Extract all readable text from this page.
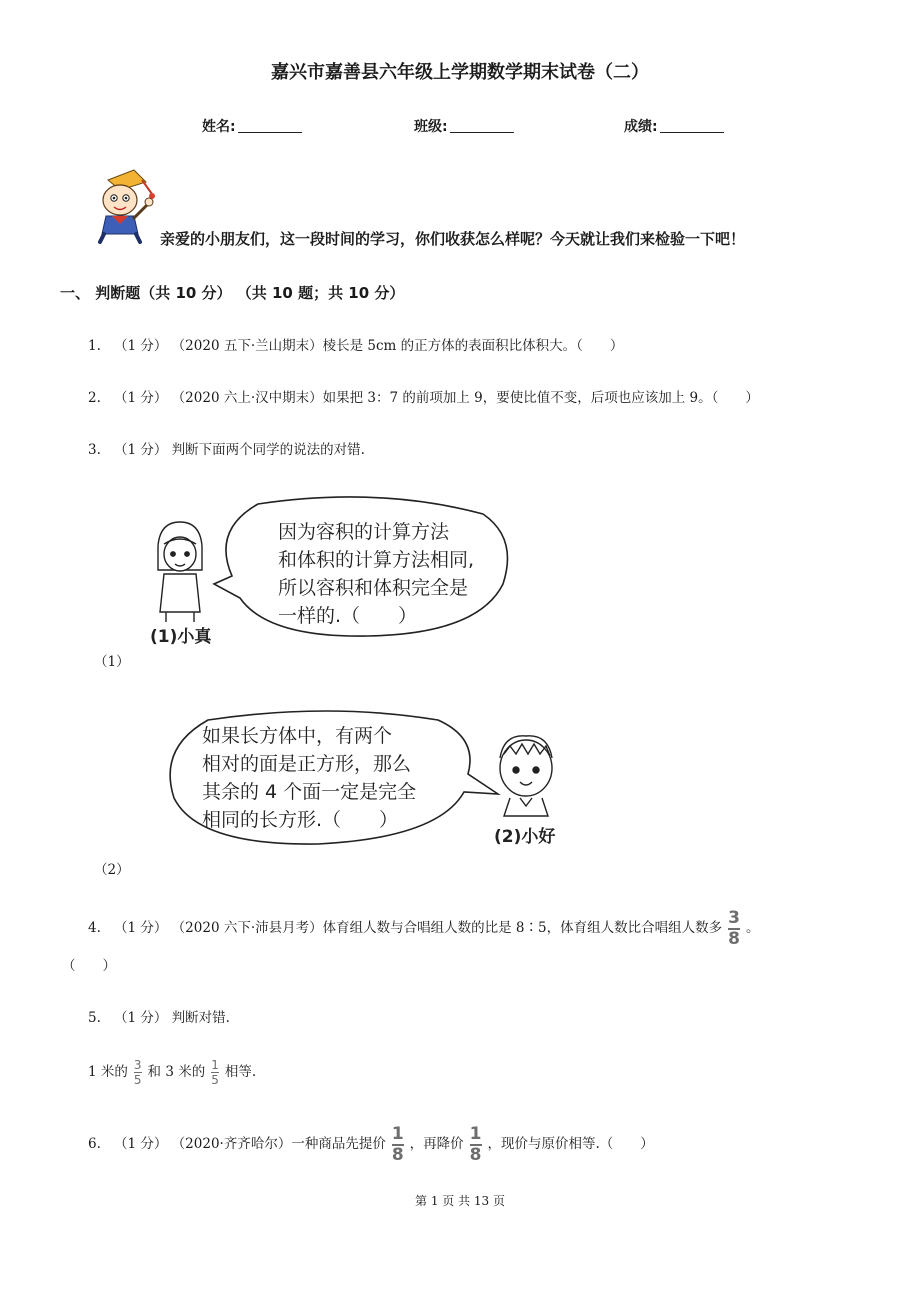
嘉兴市嘉善县六年级上学期数学期末试卷（二）
姓名:	班级:	成绩:
亲爱的小朋友们，这一段时间的学习，你们收获怎么样呢？今天就让我们来检验一下吧！
一、 判断题（共 10 分） （共 10 题；共 10 分）
1. （1 分） （2020 五下·兰山期末）棱长是 5cm 的正方体的表面积比体积大。（　　）
2. （1 分） （2020 六上·汉中期末）如果把 3：7 的前项加上 9，要使比值不变，后项也应该加上 9。（　　）
3. （1 分） 判断下面两个同学的说法的对错.
因为容积的计算方法
和体积的计算方法相同,
所以容积和体积完全是
一样的.（　　）
(1)小真
（1）
如果长方体中，有两个
相对的面是正方形，那么
其余的 4 个面一定是完全
相同的长方形.（　　）
(2)小好
（2）
4. （1 分） （2020 六下·沛县月考）体育组人数与合唱组人数的比是 8∶5，体育组人数比合唱组人数多 $\frac{3}{8}$ 。
（　　）
5. （1 分） 判断对错.
1 米的 $\frac{3}{5}$ 和 3 米的 $\frac{1}{5}$ 相等.
6. （1 分） （2020·齐齐哈尔）一种商品先提价 $\frac{1}{8}$ ，再降价 $\frac{1}{8}$ ，现价与原价相等.（　　）
第 1 页 共 13 页
